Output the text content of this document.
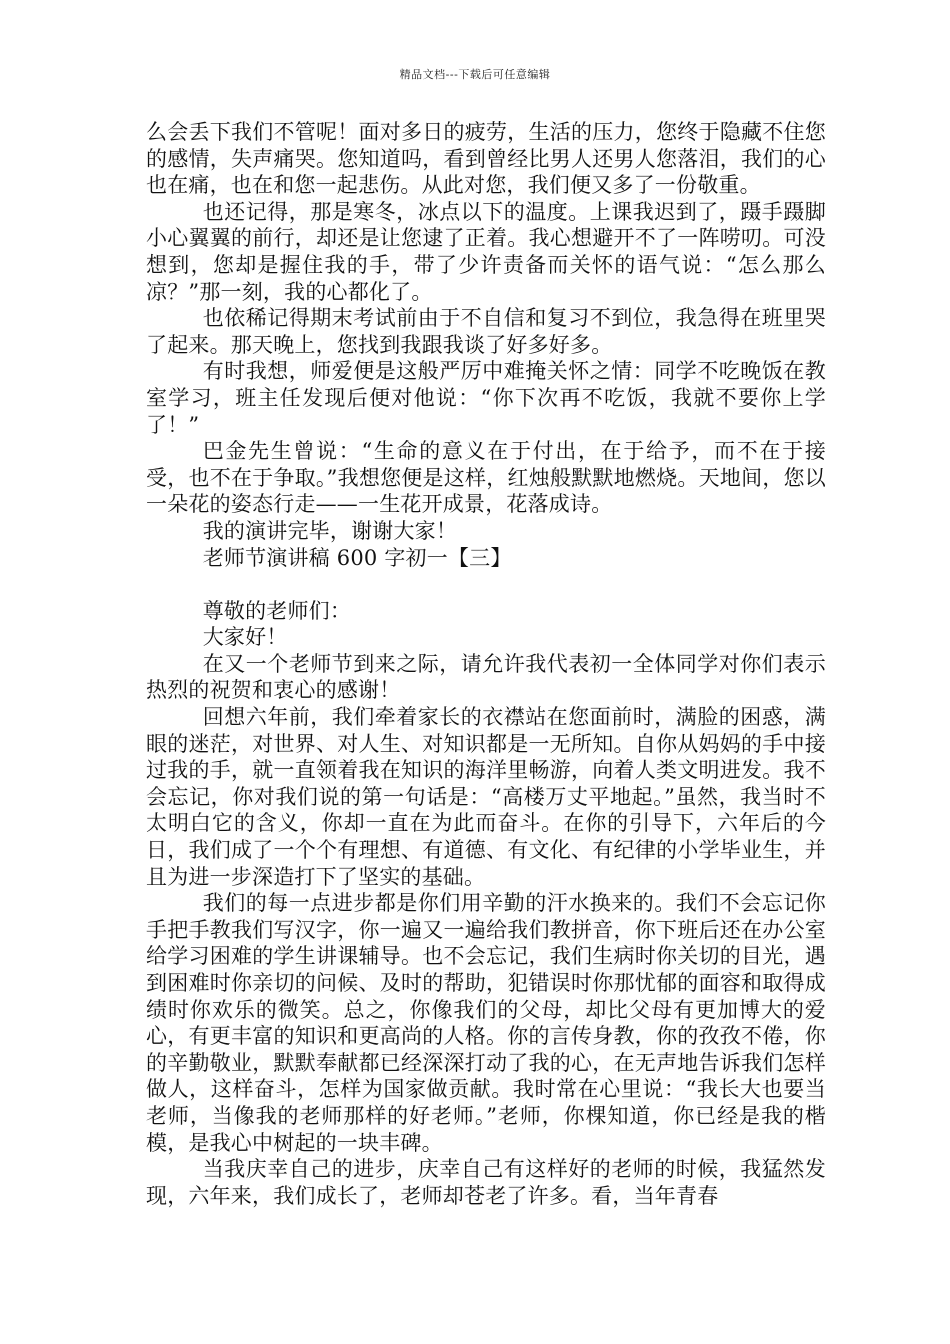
精品文档---下载后可任意编辑

么会丢下我们不管呢！面对多日的疲劳，生活的压力，您终于隐藏不住您的感情，失声痛哭。您知道吗，看到曾经比男人还男人您落泪，我们的心也在痛，也在和您一起悲伤。从此对您，我们便又多了一份敬重。

也还记得，那是寒冬，冰点以下的温度。上课我迟到了，蹑手蹑脚小心翼翼的前行，却还是让您逮了正着。我心想避开不了一阵唠叨。可没想到，您却是握住我的手，带了少许责备而关怀的语气说：“怎么那么凉？”那一刻，我的心都化了。

也依稀记得期末考试前由于不自信和复习不到位，我急得在班里哭了起来。那天晚上，您找到我跟我谈了好多好多。

有时我想，师爱便是这般严厉中难掩关怀之情：同学不吃晚饭在教室学习，班主任发现后便对他说：“你下次再不吃饭，我就不要你上学了！”

巴金先生曾说：“生命的意义在于付出，在于给予，而不在于接受，也不在于争取。”我想您便是这样，红烛般默默地燃烧。天地间，您以一朵花的姿态行走——一生花开成景，花落成诗。

我的演讲完毕，谢谢大家！

老师节演讲稿 600 字初一【三】

尊敬的老师们：

大家好！

在又一个老师节到来之际，请允许我代表初一全体同学对你们表示热烈的祝贺和衷心的感谢！

回想六年前，我们牵着家长的衣襟站在您面前时，满脸的困惑，满眼的迷茫，对世界、对人生、对知识都是一无所知。自你从妈妈的手中接过我的手，就一直领着我在知识的海洋里畅游，向着人类文明进发。我不会忘记，你对我们说的第一句话是：“高楼万丈平地起。”虽然，我当时不太明白它的含义，你却一直在为此而奋斗。在你的引导下，六年后的今日，我们成了一个个有理想、有道德、有文化、有纪律的小学毕业生，并且为进一步深造打下了坚实的基础。

我们的每一点进步都是你们用辛勤的汗水换来的。我们不会忘记你手把手教我们写汉字，你一遍又一遍给我们教拼音，你下班后还在办公室给学习困难的学生讲课辅导。也不会忘记，我们生病时你关切的目光，遇到困难时你亲切的问候、及时的帮助，犯错误时你那忧郁的面容和取得成绩时你欢乐的微笑。总之，你像我们的父母，却比父母有更加博大的爱心，有更丰富的知识和更高尚的人格。你的言传身教，你的孜孜不倦，你的辛勤敬业，默默奉献都已经深深打动了我的心，在无声地告诉我们怎样做人，这样奋斗，怎样为国家做贡献。我时常在心里说：“我长大也要当老师，当像我的老师那样的好老师。”老师，你棵知道，你已经是我的楷模，是我心中树起的一块丰碑。

当我庆幸自己的进步，庆幸自己有这样好的老师的时候，我猛然发现，六年来，我们成长了，老师却苍老了许多。看，当年青春
